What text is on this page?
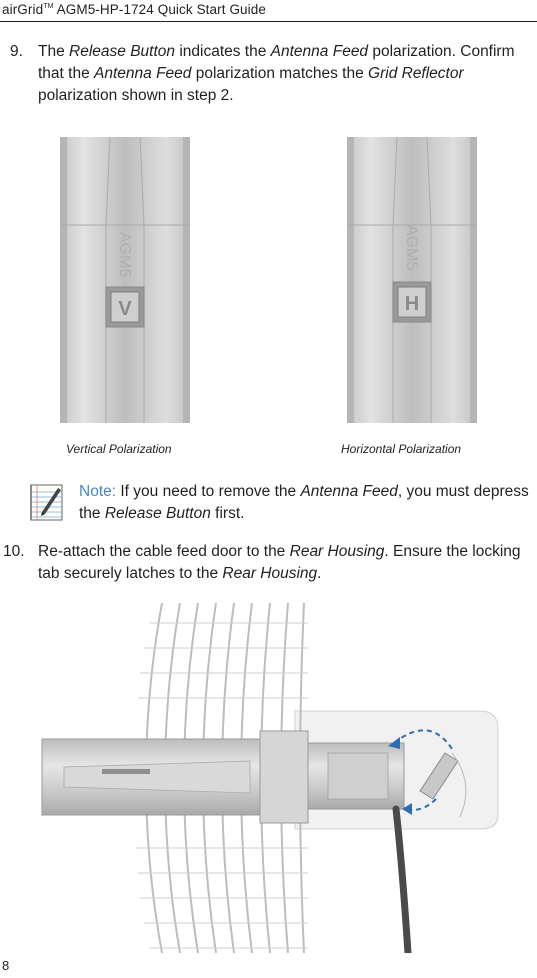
airGrid™ AGM5-HP-1724 Quick Start Guide
9. The Release Button indicates the Antenna Feed polarization. Confirm that the Antenna Feed polarization matches the Grid Reflector polarization shown in step 2.
V
AGM5
H
AGM5
Vertical Polarization	Horizontal Polarization
Note: If you need to remove the Antenna Feed, you must depress the Release Button first.
10. Re-attach the cable feed door to the Rear Housing. Ensure the locking tab securely latches to the Rear Housing.
8
